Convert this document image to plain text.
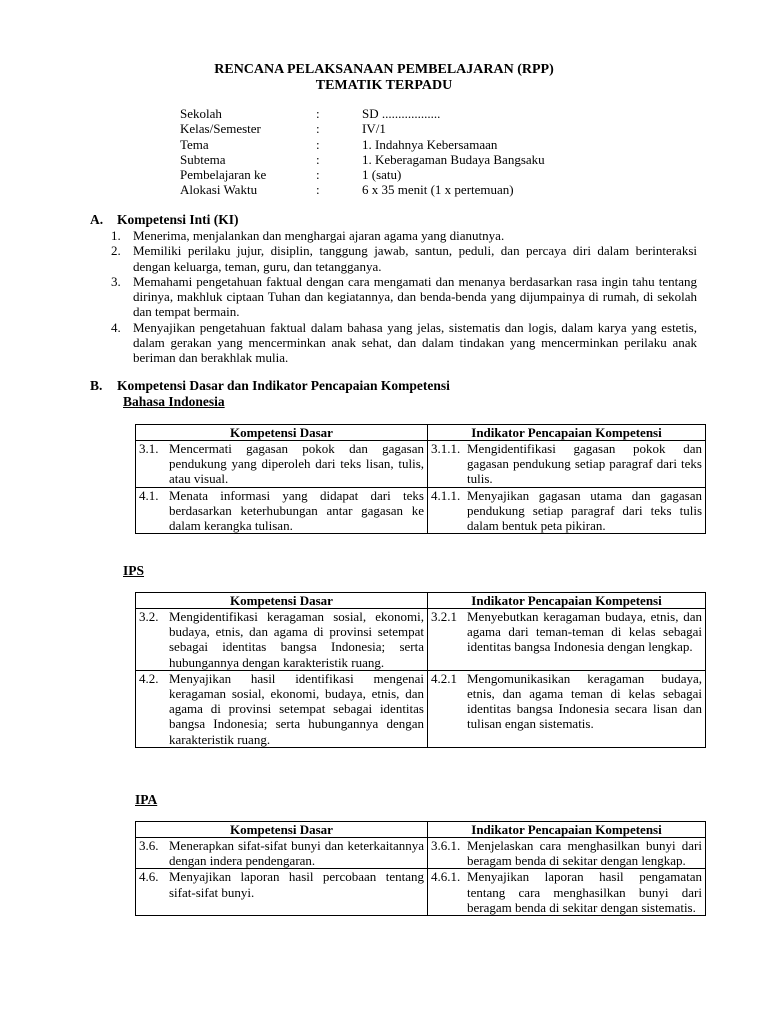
RENCANA PELAKSANAAN PEMBELAJARAN (RPP)
TEMATIK TERPADU
Sekolah	:	SD ..................
Kelas/Semester	:	IV/1
Tema	:	1. Indahnya Kebersamaan
Subtema	:	1. Keberagaman Budaya Bangsaku
Pembelajaran ke	:	1 (satu)
Alokasi Waktu	:	6 x 35 menit (1 x pertemuan)
A. Kompetensi Inti (KI)
1. Menerima, menjalankan dan menghargai ajaran agama yang dianutnya.
2. Memiliki perilaku jujur, disiplin, tanggung jawab, santun, peduli, dan percaya diri dalam berinteraksi dengan keluarga, teman, guru, dan tetangganya.
3. Memahami pengetahuan faktual dengan cara mengamati dan menanya berdasarkan rasa ingin tahu tentang dirinya, makhluk ciptaan Tuhan dan kegiatannya, dan benda-benda yang dijumpainya di rumah, di sekolah dan tempat bermain.
4. Menyajikan pengetahuan faktual dalam bahasa yang jelas, sistematis dan logis, dalam karya yang estetis, dalam gerakan yang mencerminkan anak sehat, dan dalam tindakan yang mencerminkan perilaku anak beriman dan berakhlak mulia.
B. Kompetensi Dasar dan Indikator Pencapaian Kompetensi
Bahasa Indonesia
Kompetensi Dasar	Indikator Pencapaian Kompetensi

3.1. Mencermati gagasan pokok dan gagasan pendukung yang diperoleh dari teks lisan, tulis, atau visual.	3.1.1. Mengidentifikasi gagasan pokok dan gagasan pendukung setiap paragraf dari teks tulis.

4.1. Menata informasi yang didapat dari teks berdasarkan keterhubungan antar gagasan ke dalam kerangka tulisan.	4.1.1. Menyajikan gagasan utama dan gagasan pendukung setiap paragraf dari teks tulis dalam bentuk peta pikiran.
IPS
Kompetensi Dasar	Indikator Pencapaian Kompetensi

3.2. Mengidentifikasi keragaman sosial, ekonomi, budaya, etnis, dan agama di provinsi setempat sebagai identitas bangsa Indonesia; serta hubungannya dengan karakteristik ruang.	3.2.1 Menyebutkan keragaman budaya, etnis, dan agama dari teman-teman di kelas sebagai identitas bangsa Indonesia dengan lengkap.

4.2. Menyajikan hasil identifikasi mengenai keragaman sosial, ekonomi, budaya, etnis, dan agama di provinsi setempat sebagai identitas bangsa Indonesia; serta hubungannya dengan karakteristik ruang.	4.2.1 Mengomunikasikan keragaman budaya, etnis, dan agama teman di kelas sebagai identitas bangsa Indonesia secara lisan dan tulisan engan sistematis.
IPA
Kompetensi Dasar	Indikator Pencapaian Kompetensi

3.6. Menerapkan sifat-sifat bunyi dan keterkaitannya dengan indera pendengaran.	3.6.1. Menjelaskan cara menghasilkan bunyi dari beragam benda di sekitar dengan lengkap.

4.6. Menyajikan laporan hasil percobaan tentang sifat-sifat bunyi.	4.6.1. Menyajikan laporan hasil pengamatan tentang cara menghasilkan bunyi dari beragam benda di sekitar dengan sistematis.
